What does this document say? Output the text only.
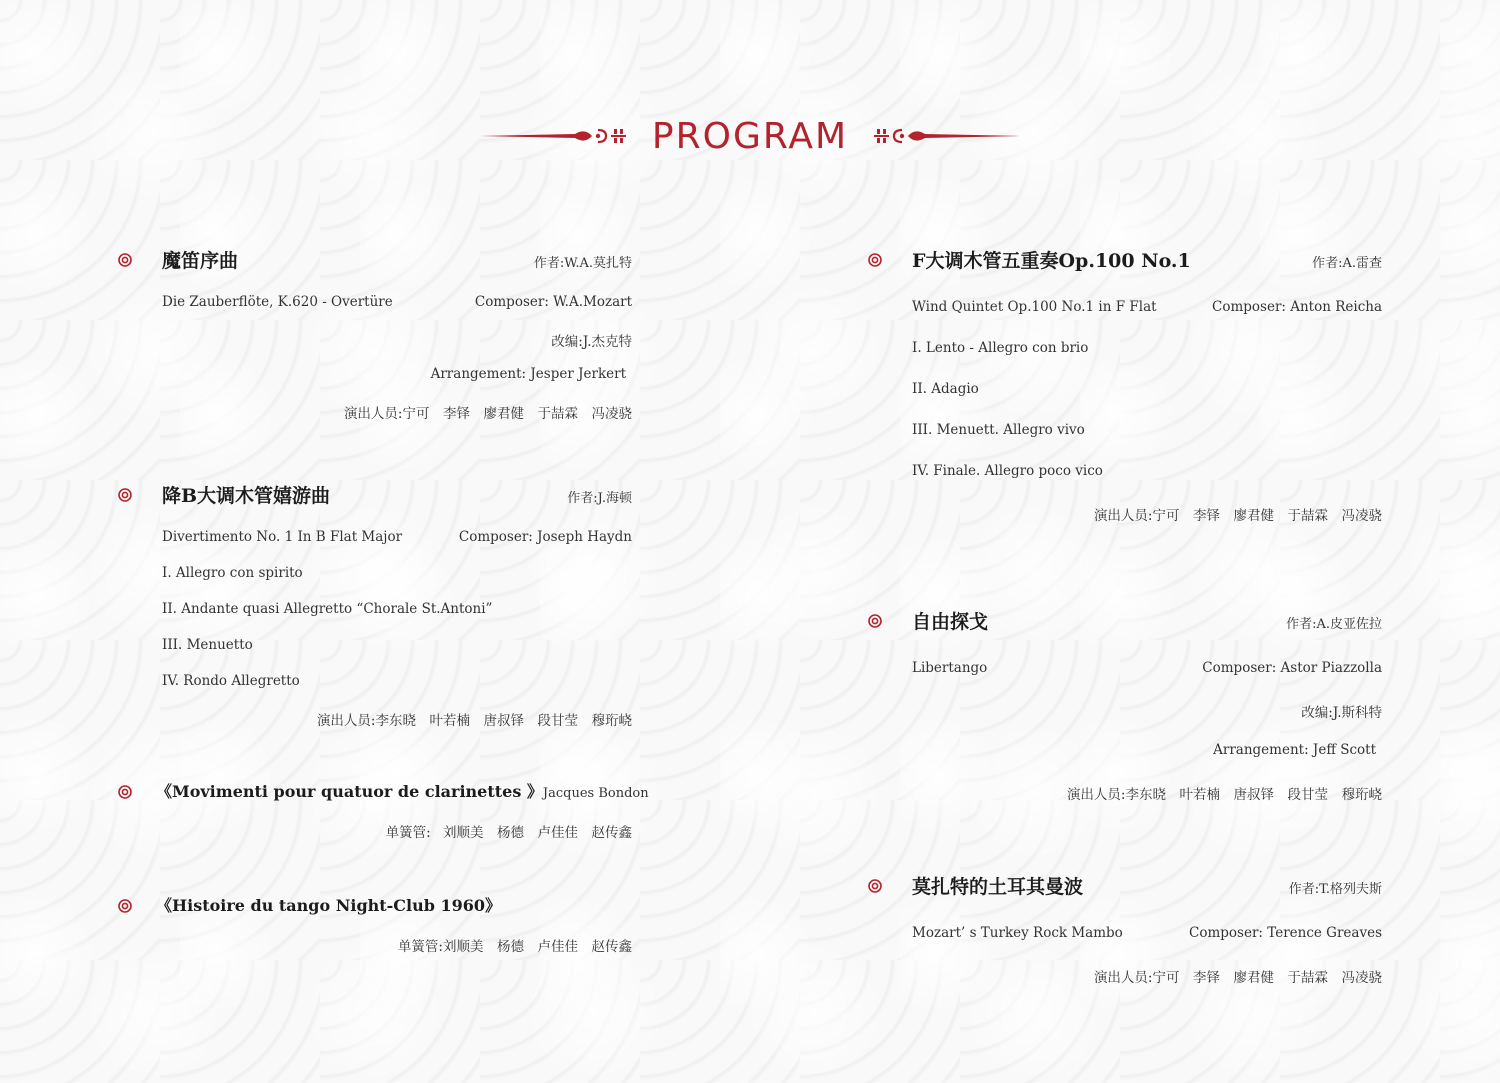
PROGRAM
魔笛序曲	作者:W.A.莫扎特
Die Zauberflöte, K.620 - Overtüre	Composer: W.A.Mozart
改编:J.杰克特
Arrangement: Jesper Jerkert
演出人员:宁可　李铎　廖君健　于喆霖　冯凌骁
降B大调木管嬉游曲	作者:J.海顿
Divertimento No. 1 In B Flat Major	Composer: Joseph Haydn
I. Allegro con spirito
II. Andante quasi Allegretto “Chorale St.Antoni”
III. Menuetto
IV. Rondo Allegretto
演出人员:李东晓　叶若楠　唐叔铎　段甘莹　穆珩峣
《Movimenti pour quatuor de clarinettes 》 Jacques Bondon
单簧管: 刘顺美　杨德　卢佳佳　赵传鑫
《Histoire du tango Night-Club 1960》
单簧管:刘顺美　杨德　卢佳佳　赵传鑫
F大调木管五重奏Op.100 No.1	作者:A.雷查
Wind Quintet Op.100 No.1 in F Flat	Composer: Anton Reicha
I. Lento - Allegro con brio
II. Adagio
III. Menuett. Allegro vivo
IV. Finale. Allegro poco vico
演出人员:宁可　李铎　廖君健　于喆霖　冯凌骁
自由探戈	作者:A.皮亚佐拉
Libertango	Composer: Astor Piazzolla
改编:J.斯科特
Arrangement: Jeff Scott
演出人员:李东晓　叶若楠　唐叔铎　段甘莹　穆珩峣
莫扎特的土耳其曼波	作者:T.格列夫斯
Mozart’ s Turkey Rock Mambo	Composer: Terence Greaves
演出人员:宁可　李铎　廖君健　于喆霖　冯凌骁
